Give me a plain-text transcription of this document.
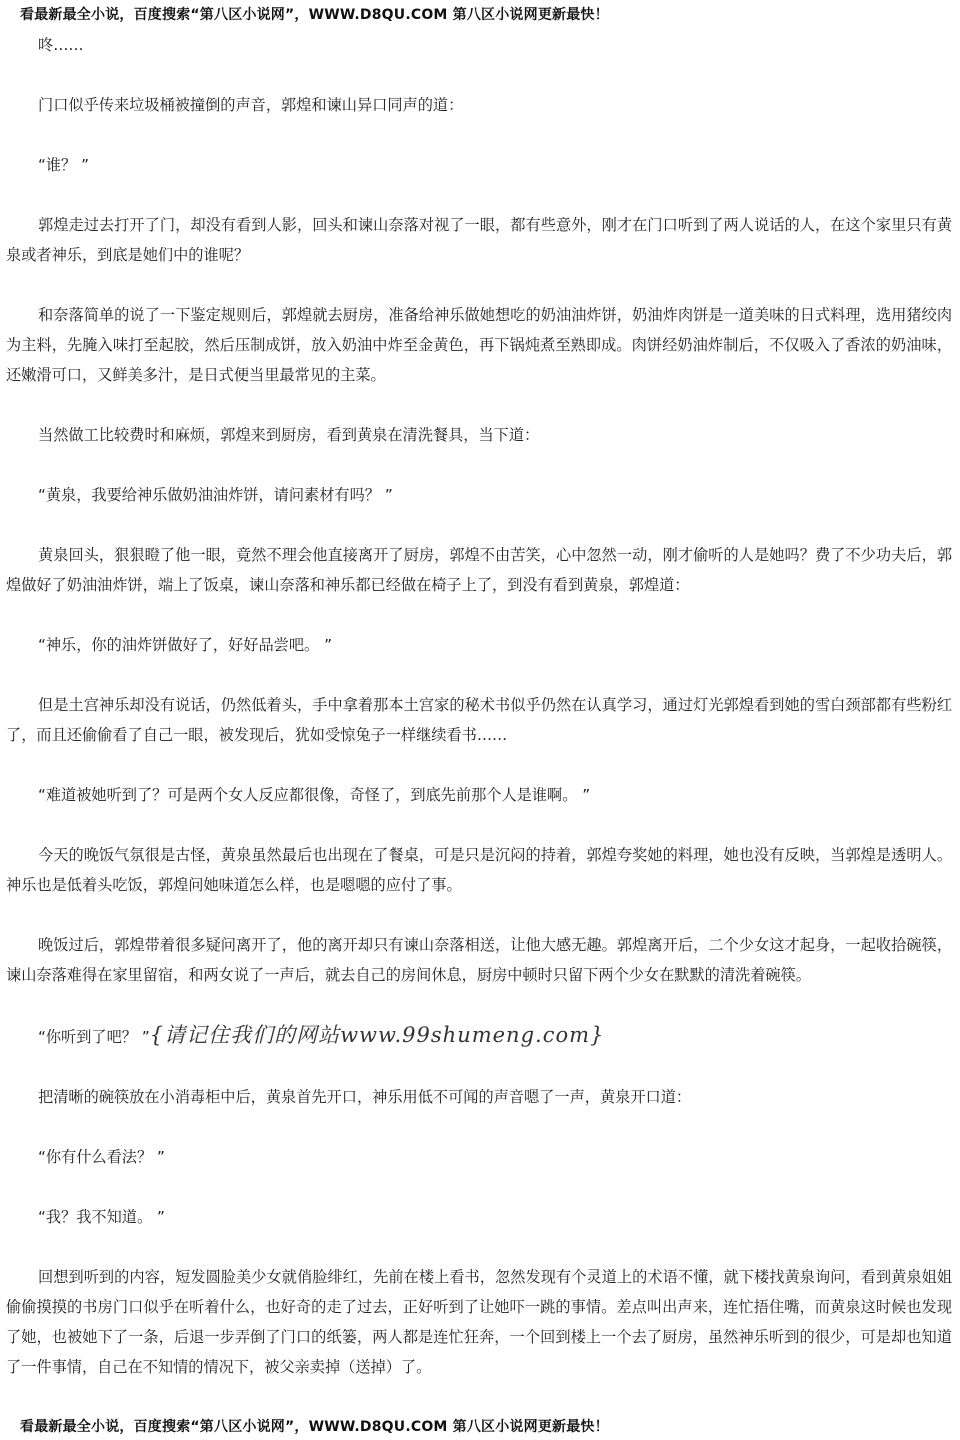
看最新最全小说，百度搜索“第八区小说网”，WWW.D8QU.COM 第八区小说网更新最快！

咚……

门口似乎传来垃圾桶被撞倒的声音，郭煌和谏山异口同声的道：

“谁？ ”

郭煌走过去打开了门，却没有看到人影，回头和谏山奈落对视了一眼，都有些意外，刚才在门口听到了两人说话的人，在这个家里只有黄泉或者神乐，到底是她们中的谁呢？

和奈落简单的说了一下鉴定规则后，郭煌就去厨房，准备给神乐做她想吃的奶油油炸饼，奶油炸肉饼是一道美味的日式料理，选用猪绞肉为主料，先腌入味打至起胶，然后压制成饼，放入奶油中炸至金黄色，再下锅炖煮至熟即成。肉饼经奶油炸制后，不仅吸入了香浓的奶油味，还嫩滑可口，又鲜美多汁，是日式便当里最常见的主菜。

当然做工比较费时和麻烦，郭煌来到厨房，看到黄泉在清洗餐具，当下道：

“黄泉，我要给神乐做奶油油炸饼，请问素材有吗？ ”

黄泉回头，狠狠瞪了他一眼，竟然不理会他直接离开了厨房，郭煌不由苦笑，心中忽然一动，刚才偷听的人是她吗？费了不少功夫后，郭煌做好了奶油油炸饼，端上了饭桌，谏山奈落和神乐都已经做在椅子上了，到没有看到黄泉，郭煌道：

“神乐，你的油炸饼做好了，好好品尝吧。 ”

但是土宫神乐却没有说话，仍然低着头，手中拿着那本土宫家的秘术书似乎仍然在认真学习，通过灯光郭煌看到她的雪白颈部都有些粉红了，而且还偷偷看了自己一眼，被发现后，犹如受惊兔子一样继续看书……

“难道被她听到了？可是两个女人反应都很像，奇怪了，到底先前那个人是谁啊。 ”

今天的晚饭气氛很是古怪，黄泉虽然最后也出现在了餐桌，可是只是沉闷的持着，郭煌夸奖她的料理，她也没有反映，当郭煌是透明人。神乐也是低着头吃饭，郭煌问她味道怎么样，也是嗯嗯的应付了事。

晚饭过后，郭煌带着很多疑问离开了，他的离开却只有谏山奈落相送，让他大感无趣。郭煌离开后，二个少女这才起身，一起收拾碗筷，谏山奈落难得在家里留宿，和两女说了一声后，就去自己的房间休息，厨房中顿时只留下两个少女在默默的清洗着碗筷。

“你听到了吧？ ”{请记住我们的网站www.99shumeng.com}

把清晰的碗筷放在小消毒柜中后，黄泉首先开口，神乐用低不可闻的声音嗯了一声，黄泉开口道：

“你有什么看法？ ”

“我？我不知道。 ”

回想到听到的内容，短发圆脸美少女就俏脸绯红，先前在楼上看书，忽然发现有个灵道上的术语不懂，就下楼找黄泉询问，看到黄泉姐姐偷偷摸摸的书房门口似乎在听着什么，也好奇的走了过去，正好听到了让她吓一跳的事情。差点叫出声来，连忙捂住嘴，而黄泉这时候也发现了她，也被她下了一条，后退一步弄倒了门口的纸篓，两人都是连忙狂奔，一个回到楼上一个去了厨房，虽然神乐听到的很少，可是却也知道了一件事情，自己在不知情的情况下，被父亲卖掉（送掉）了。

看最新最全小说，百度搜索“第八区小说网”，WWW.D8QU.COM 第八区小说网更新最快！
